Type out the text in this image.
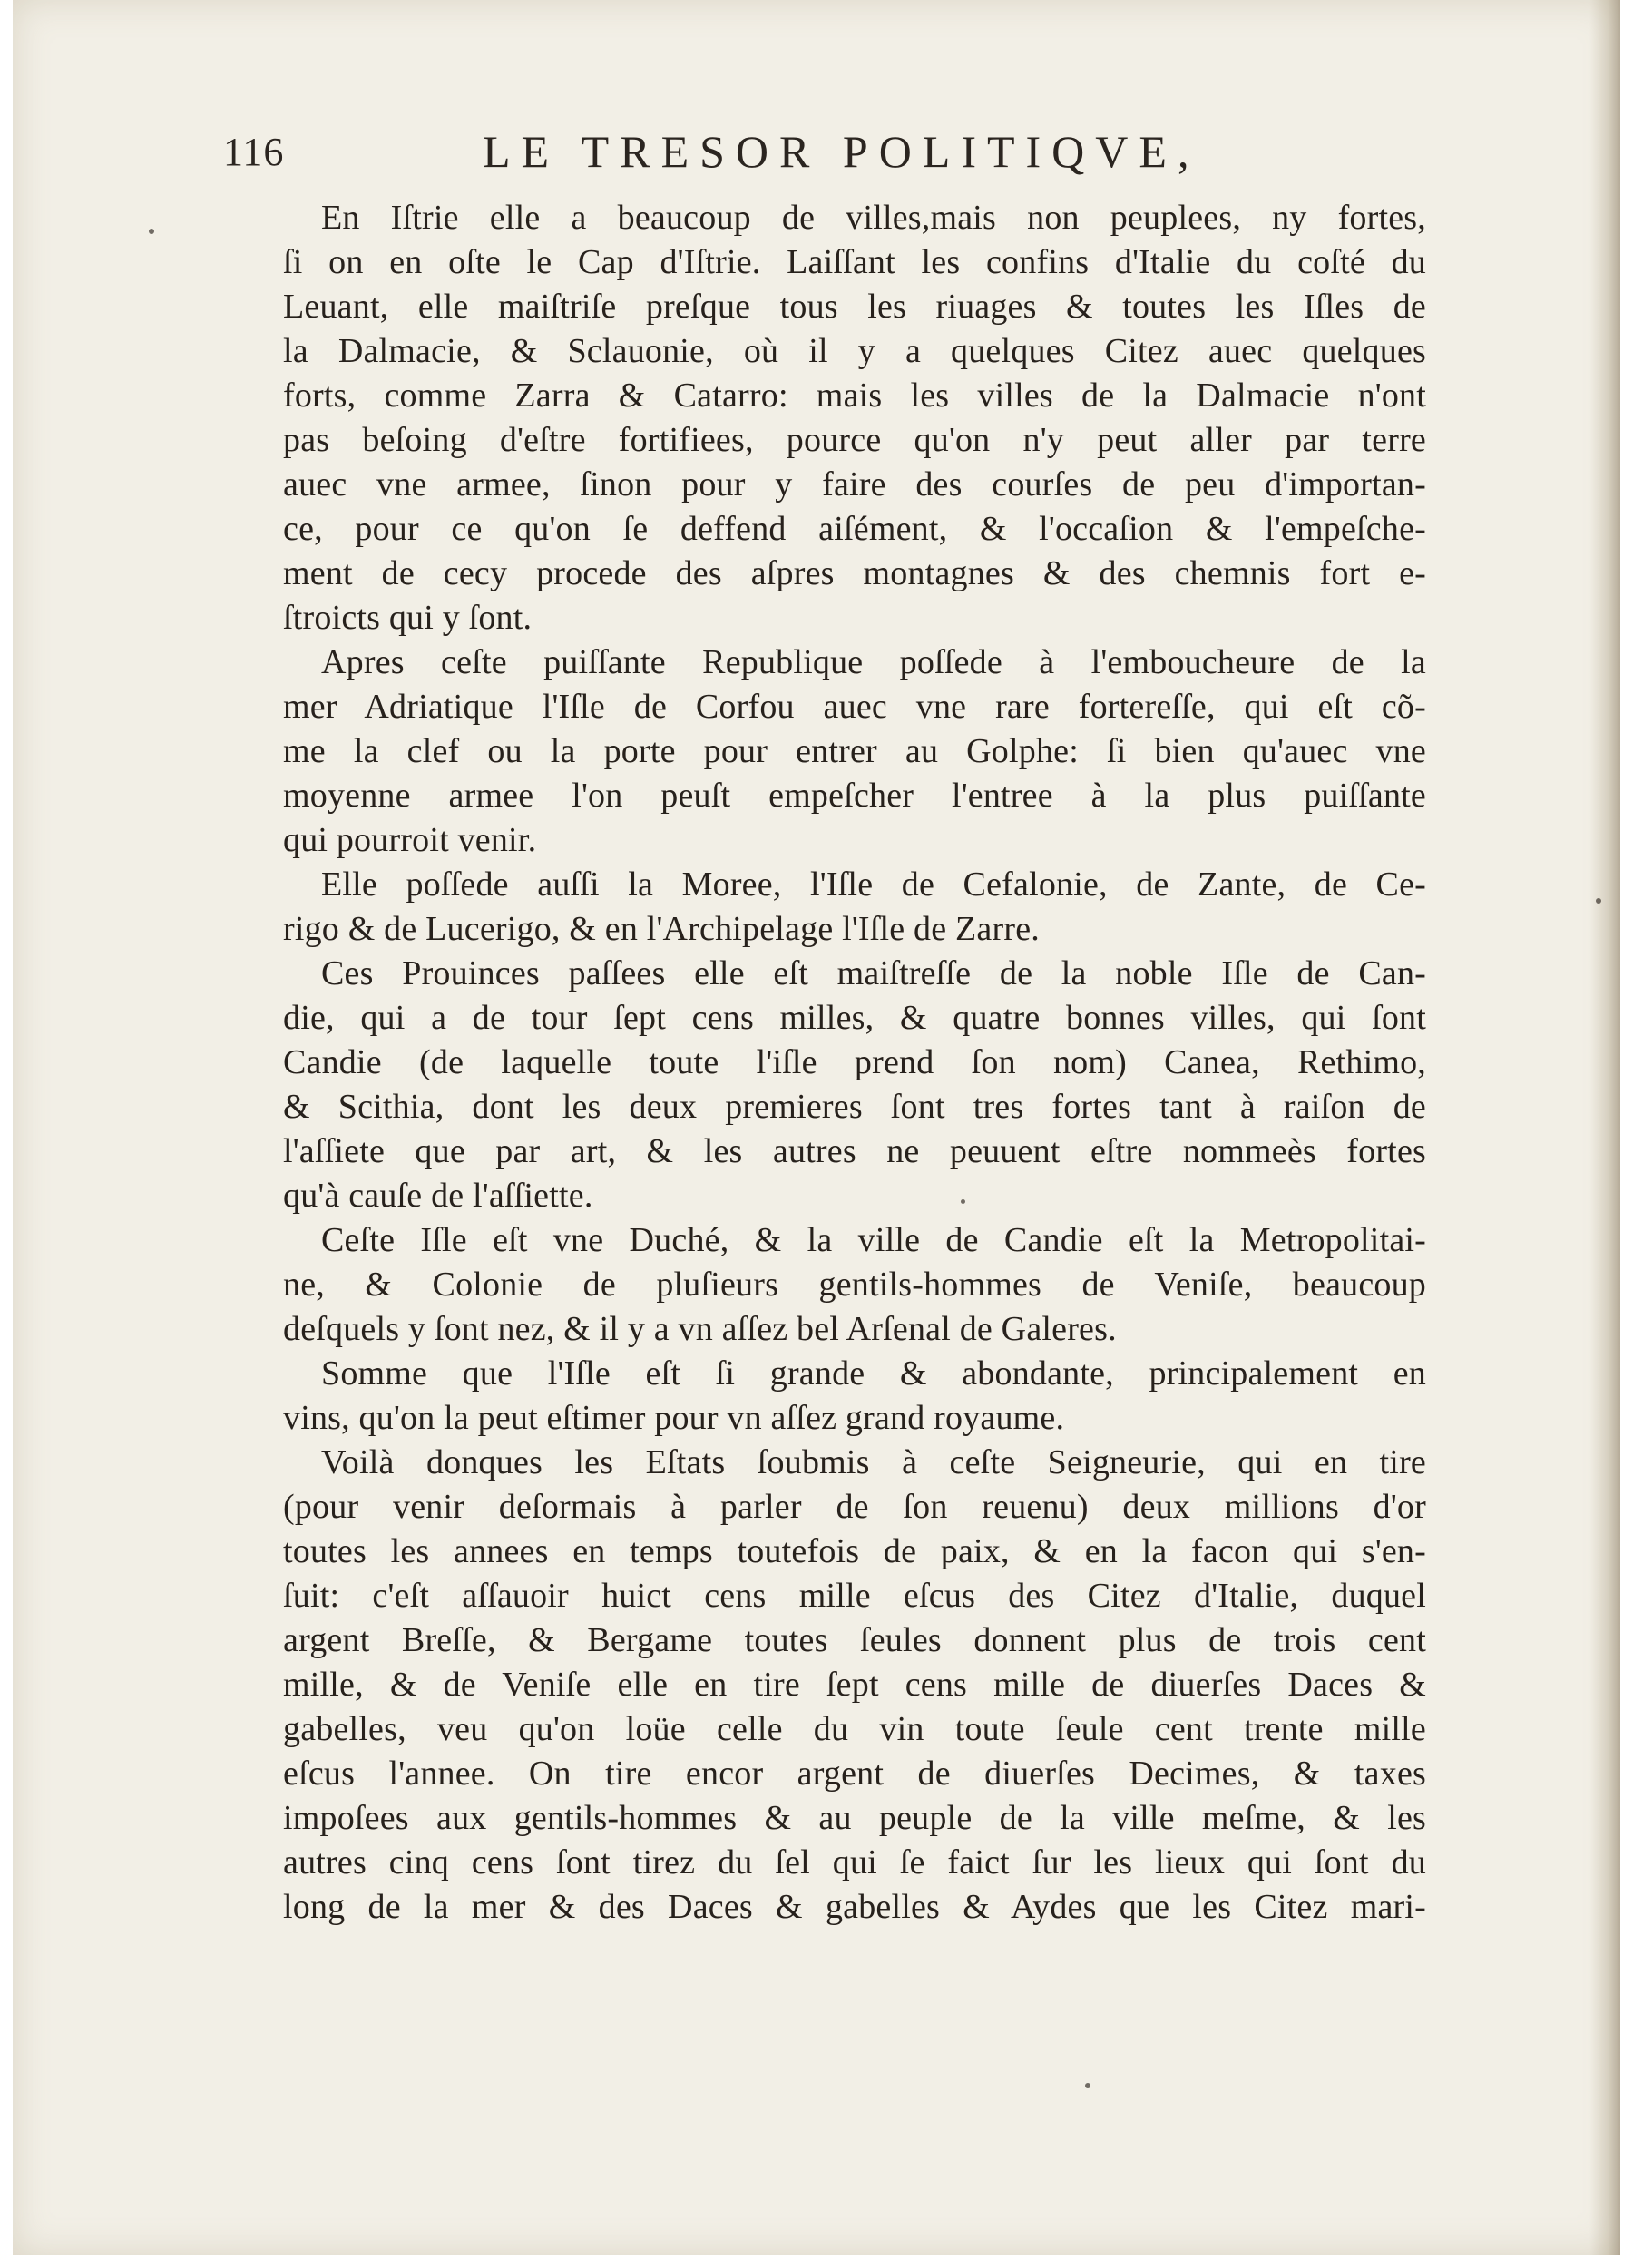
116	LE TRESOR POLITIQVE,
En Iſtrie elle a beaucoup de villes,mais non peuplees, ny fortes,
ſi on en oſte le Cap d'Iſtrie. Laiſſant les confins d'Italie du coſté du
Leuant, elle maiſtriſe preſque tous les riuages & toutes les Iſles de
la Dalmacie, & Sclauonie, où il y a quelques Citez auec quelques
forts, comme Zarra & Catarro: mais les villes de la Dalmacie n'ont
pas beſoing d'eſtre fortifiees, pource qu'on n'y peut aller par terre
auec vne armee, ſinon pour y faire des courſes de peu d'importan-
ce, pour ce qu'on ſe deffend aiſément, & l'occaſion & l'empeſche-
ment de cecy procede des aſpres montagnes & des chemnis fort e-
ſtroicts qui y ſont.
Apres ceſte puiſſante Republique poſſede à l'emboucheure de la
mer Adriatique l'Iſle de Corfou auec vne rare fortereſſe, qui eſt cõ-
me la clef ou la porte pour entrer au Golphe: ſi bien qu'auec vne
moyenne armee l'on peuſt empeſcher l'entree à la plus puiſſante
qui pourroit venir.
Elle poſſede auſſi la Moree, l'Iſle de Cefalonie, de Zante, de Ce-
rigo & de Lucerigo, & en l'Archipelage l'Iſle de Zarre.
Ces Prouinces paſſees elle eſt maiſtreſſe de la noble Iſle de Can-
die, qui a de tour ſept cens milles, & quatre bonnes villes, qui ſont
Candie (de laquelle toute l'iſle prend ſon nom) Canea, Rethimo,
& Scithia, dont les deux premieres ſont tres fortes tant à raiſon de
l'aſſiete que par art, & les autres ne peuuent eſtre nommeès fortes
qu'à cauſe de l'aſſiette.
Ceſte Iſle eſt vne Duché, & la ville de Candie eſt la Metropolitai-
ne, & Colonie de pluſieurs gentils-hommes de Veniſe, beaucoup
deſquels y ſont nez, & il y a vn aſſez bel Arſenal de Galeres.
Somme que l'Iſle eſt ſi grande & abondante, principalement en
vins, qu'on la peut eſtimer pour vn aſſez grand royaume.
Voilà donques les Eſtats ſoubmis à ceſte Seigneurie, qui en tire
(pour venir deſormais à parler de ſon reuenu) deux millions d'or
toutes les annees en temps toutefois de paix, & en la facon qui s'en-
ſuit: c'eſt aſſauoir huict cens mille eſcus des Citez d'Italie, duquel
argent Breſſe, & Bergame toutes ſeules donnent plus de trois cent
mille, & de Veniſe elle en tire ſept cens mille de diuerſes Daces &
gabelles, veu qu'on loüe celle du vin toute ſeule cent trente mille
eſcus l'annee. On tire encor argent de diuerſes Decimes, & taxes
impoſees aux gentils-hommes & au peuple de la ville meſme, & les
autres cinq cens ſont tirez du ſel qui ſe faict ſur les lieux qui ſont du
long de la mer & des Daces & gabelles & Aydes que les Citez mari-
